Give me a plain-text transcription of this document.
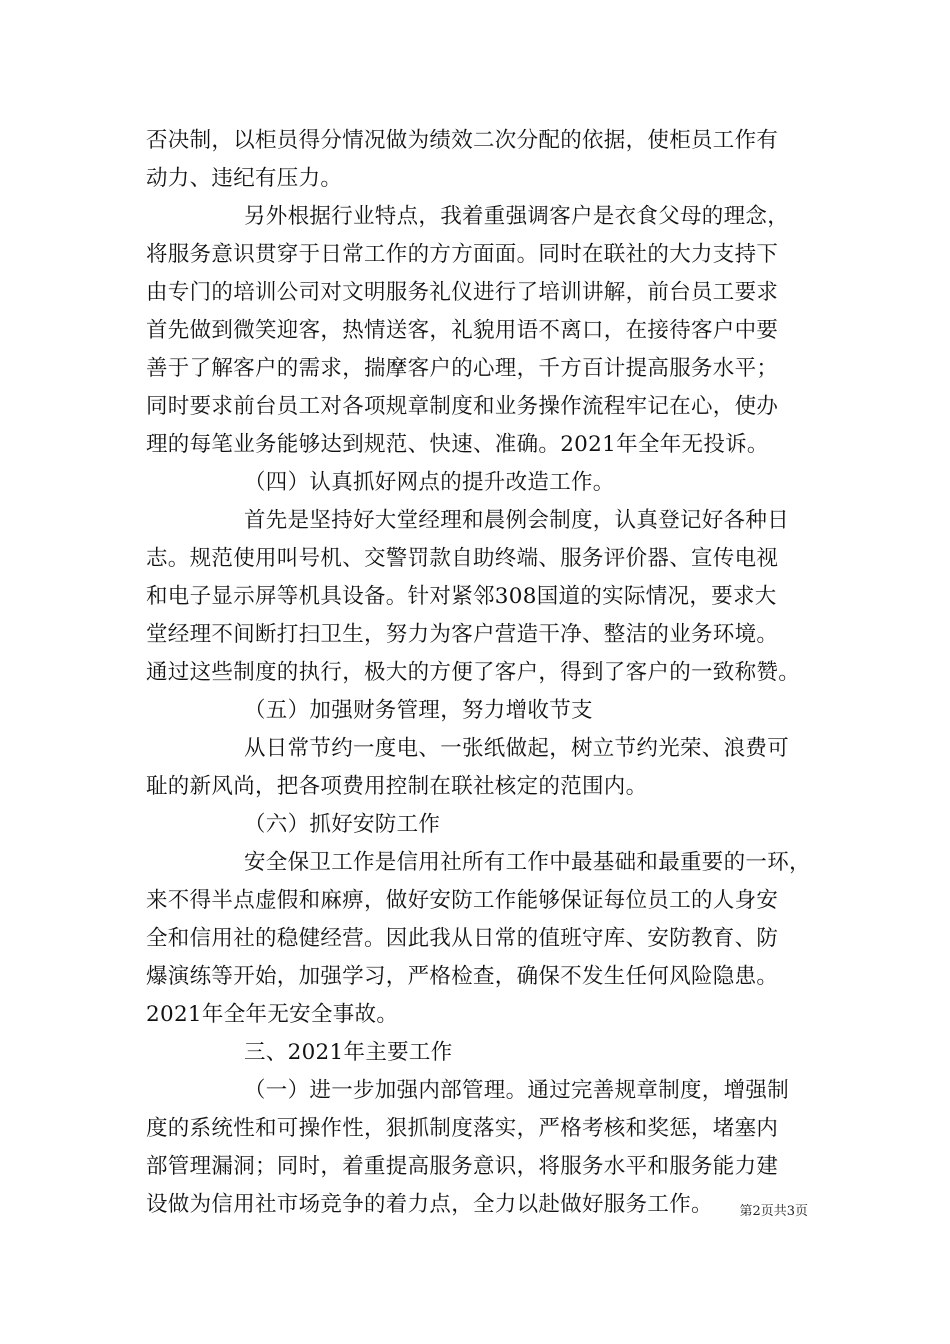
否决制，以柜员得分情况做为绩效二次分配的依据，使柜员工作有
动力、违纪有压力。
另外根据行业特点，我着重强调客户是衣食父母的理念，
将服务意识贯穿于日常工作的方方面面。同时在联社的大力支持下
由专门的培训公司对文明服务礼仪进行了培训讲解，前台员工要求
首先做到微笑迎客，热情送客，礼貌用语不离口，在接待客户中要
善于了解客户的需求，揣摩客户的心理，千方百计提高服务水平；
同时要求前台员工对各项规章制度和业务操作流程牢记在心，使办
理的每笔业务能够达到规范、快速、准确。2021年全年无投诉。
（四）认真抓好网点的提升改造工作。
首先是坚持好大堂经理和晨例会制度，认真登记好各种日
志。规范使用叫号机、交警罚款自助终端、服务评价器、宣传电视
和电子显示屏等机具设备。针对紧邻308国道的实际情况，要求大
堂经理不间断打扫卫生，努力为客户营造干净、整洁的业务环境。
通过这些制度的执行，极大的方便了客户，得到了客户的一致称赞。
（五）加强财务管理，努力增收节支
从日常节约一度电、一张纸做起，树立节约光荣、浪费可
耻的新风尚，把各项费用控制在联社核定的范围内。
（六）抓好安防工作
安全保卫工作是信用社所有工作中最基础和最重要的一环，
来不得半点虚假和麻痹，做好安防工作能够保证每位员工的人身安
全和信用社的稳健经营。因此我从日常的值班守库、安防教育、防
爆演练等开始，加强学习，严格检查，确保不发生任何风险隐患。
2021年全年无安全事故。
三、2021年主要工作
（一）进一步加强内部管理。通过完善规章制度，增强制
度的系统性和可操作性，狠抓制度落实，严格考核和奖惩，堵塞内
部管理漏洞；同时，着重提高服务意识，将服务水平和服务能力建
设做为信用社市场竞争的着力点，全力以赴做好服务工作。	第2页共3页
